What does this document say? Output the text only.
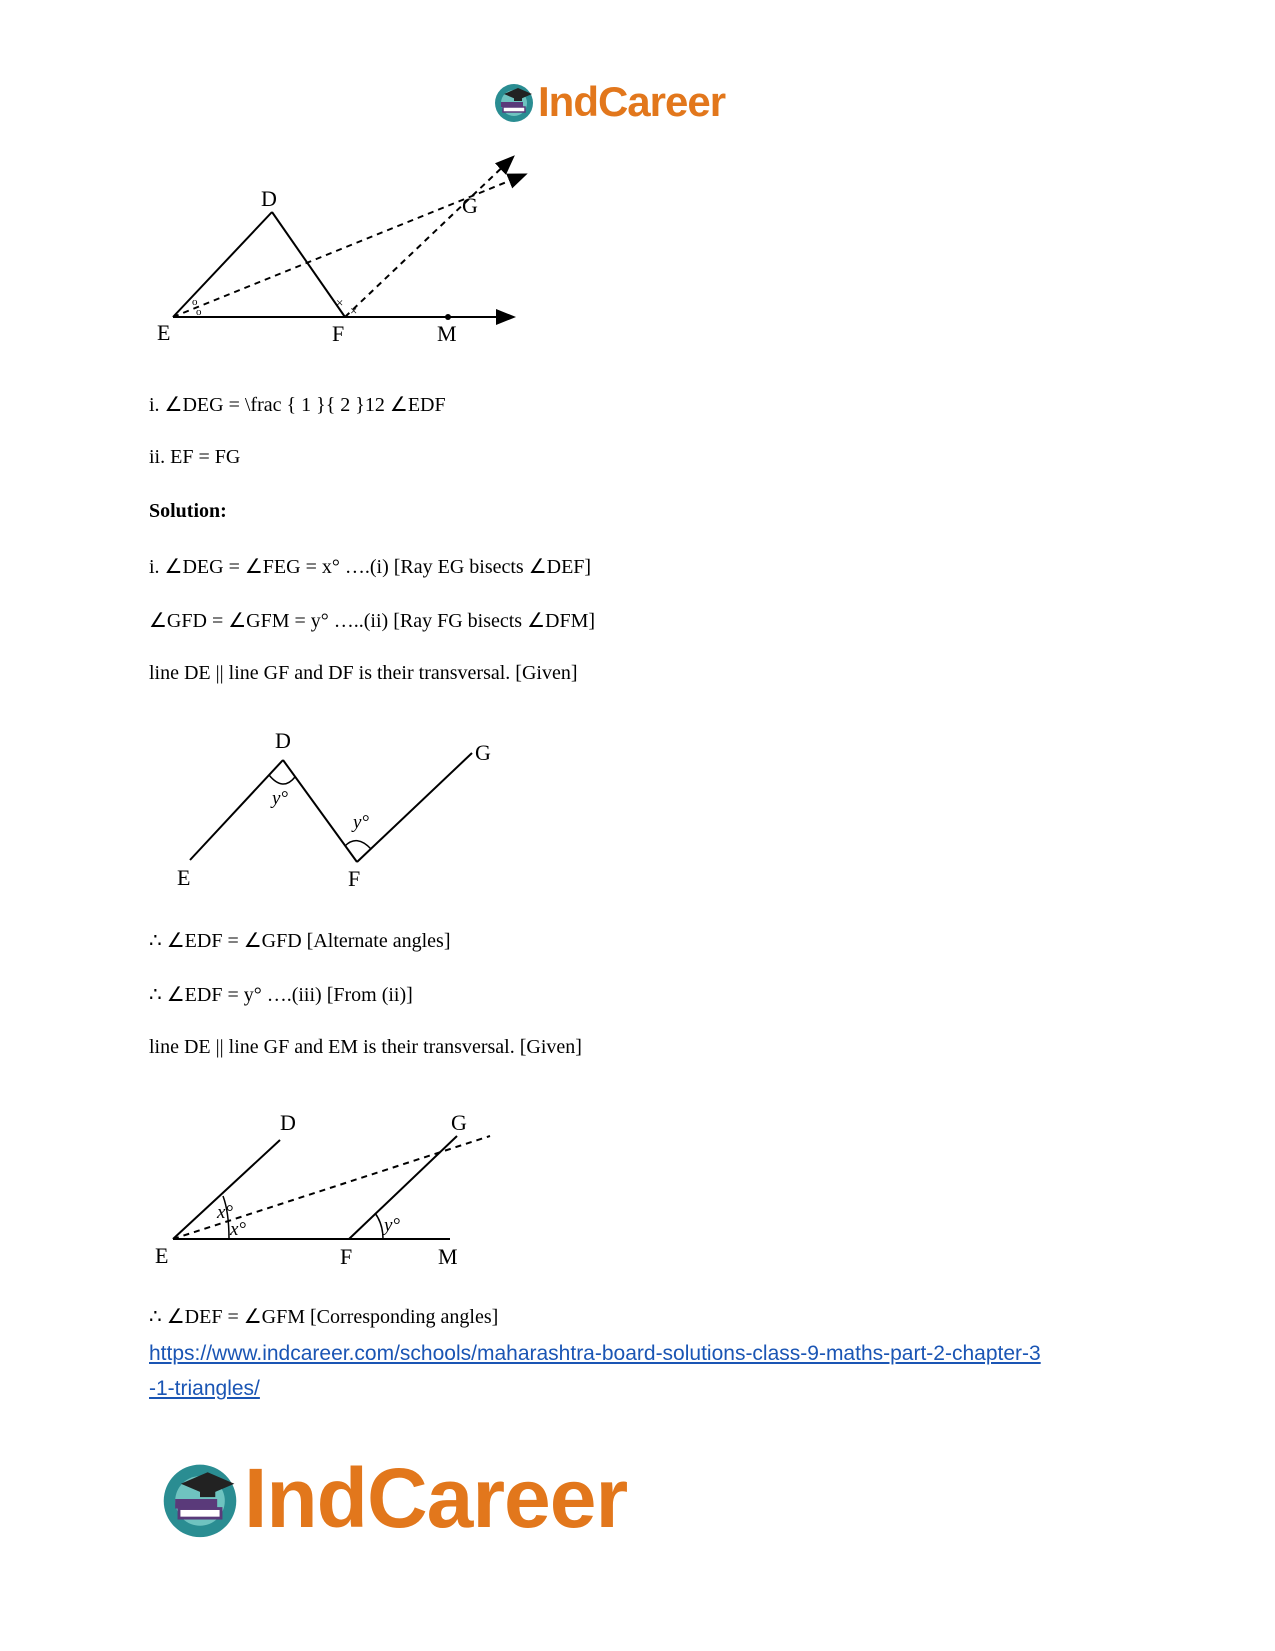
IndCareer
o
o
×
×
D	G
E	F	M
i. ∠DEG = \frac { 1 }{ 2 }12 ∠EDF
ii. EF = FG
Solution:
i. ∠DEG = ∠FEG = x° ….(i) [Ray EG bisects ∠DEF]
∠GFD = ∠GFM = y° …..(ii) [Ray FG bisects ∠DFM]
line DE || line GF and DF is their transversal. [Given]
D	G
E	F
y°
y°
∴ ∠EDF = ∠GFD [Alternate angles]
∴ ∠EDF = y° ….(iii) [From (ii)]
line DE || line GF and EM is their transversal. [Given]
D	G
E	F	M
x°
x°	y°
∴ ∠DEF = ∠GFM [Corresponding angles]
https://www.indcareer.com/schools/maharashtra-board-solutions-class-9-maths-part-2-chapter-3
-1-triangles/
IndCareer
